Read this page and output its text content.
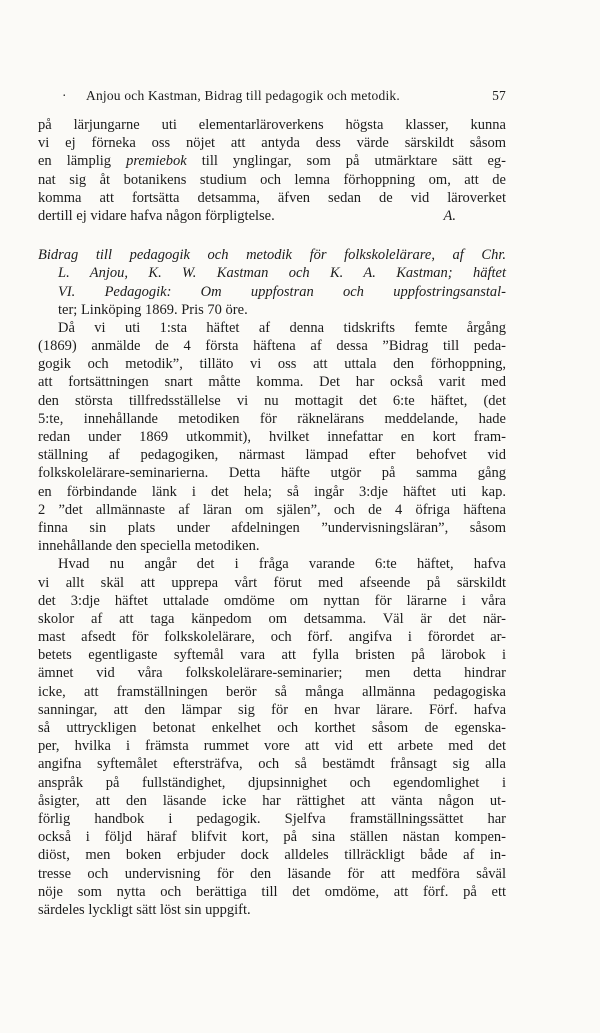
· Anjou och Kastman, Bidrag till pedagogik och metodik.	57
på lärjungarne uti elementarläroverkens högsta klasser, kunna
vi ej förneka oss nöjet att antyda dess värde särskildt såsom
en lämplig premiebok till ynglingar, som på utmärktare sätt eg-
nat sig åt botanikens studium och lemna förhoppning om, att de
komma att fortsätta detsamma, äfven sedan de vid läroverket
dertill ej vidare hafva någon förpligtelse.	A.
Bidrag till pedagogik och metodik för folkskolelärare, af Chr.
L. Anjou, K. W. Kastman och K. A. Kastman; häftet
VI. Pedagogik: Om uppfostran och uppfostringsanstal-
ter; Linköping 1869. Pris 70 öre.
Då vi uti 1:sta häftet af denna tidskrifts femte årgång
(1869) anmälde de 4 första häftena af dessa ”Bidrag till peda-
gogik och metodik”, tilläto vi oss att uttala den förhoppning,
att fortsättningen snart måtte komma. Det har också varit med
den största tillfredsställelse vi nu mottagit det 6:te häftet, (det
5:te, innehållande metodiken för räknelärans meddelande, hade
redan under 1869 utkommit), hvilket innefattar en kort fram-
ställning af pedagogiken, närmast lämpad efter behofvet vid
folkskolelärare-seminarierna. Detta häfte utgör på samma gång
en förbindande länk i det hela; så ingår 3:dje häftet uti kap.
2 ”det allmännaste af läran om själen”, och de 4 öfriga häftena
finna sin plats under afdelningen ”undervisningsläran”, såsom
innehållande den speciella metodiken.
Hvad nu angår det i fråga varande 6:te häftet, hafva
vi allt skäl att upprepa vårt förut med afseende på särskildt
det 3:dje häftet uttalade omdöme om nyttan för lärarne i våra
skolor af att taga känpedom om detsamma. Väl är det när-
mast afsedt för folkskolelärare, och förf. angifva i förordet ar-
betets egentligaste syftemål vara att fylla bristen på lärobok i
ämnet vid våra folkskolelärare-seminarier; men detta hindrar
icke, att framställningen berör så många allmänna pedagogiska
sanningar, att den lämpar sig för en hvar lärare. Förf. hafva
så uttryckligen betonat enkelhet och korthet såsom de egenska-
per, hvilka i främsta rummet vore att vid ett arbete med det
angifna syftemålet eftersträfva, och så bestämdt frånsagt sig alla
anspråk på fullständighet, djupsinnighet och egendomlighet i
åsigter, att den läsande icke har rättighet att vänta någon ut-
förlig handbok i pedagogik. Sjelfva framställningssättet har
också i följd häraf blifvit kort, på sina ställen nästan kompen-
diöst, men boken erbjuder dock alldeles tillräckligt både af in-
tresse och undervisning för den läsande för att medföra såväl
nöje som nytta och berättiga till det omdöme, att förf. på ett
särdeles lyckligt sätt löst sin uppgift.
